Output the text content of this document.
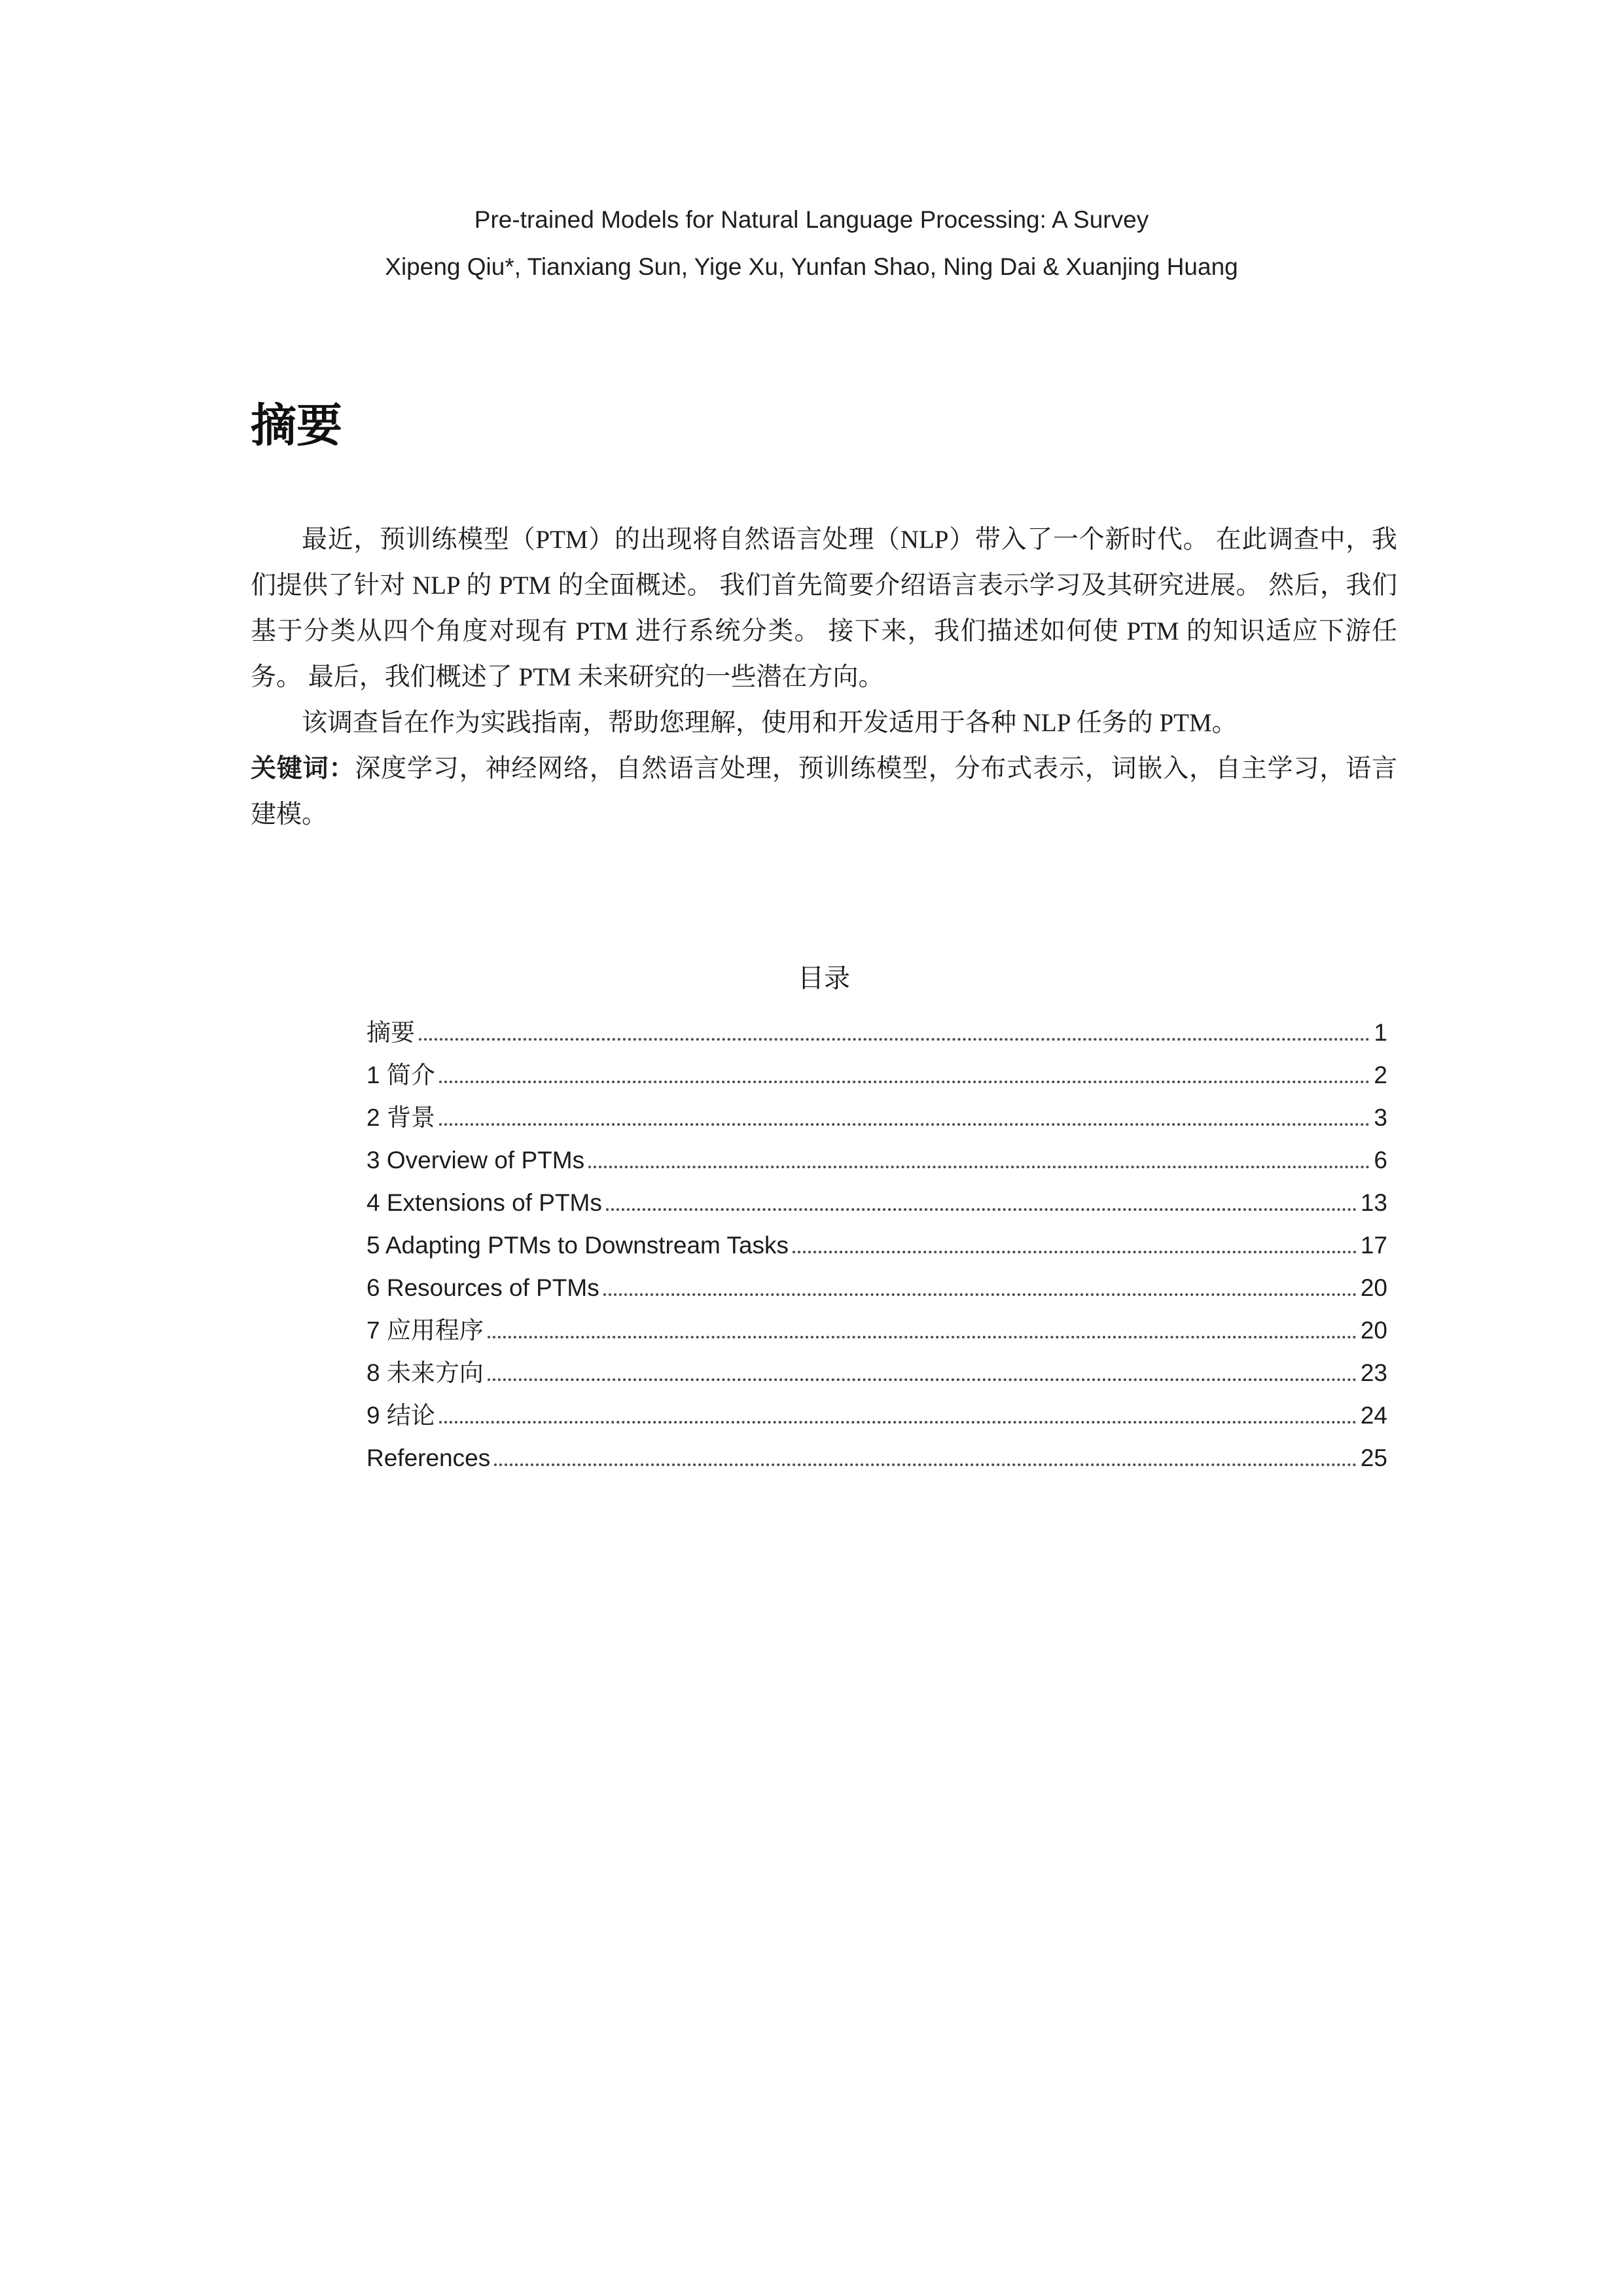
Pre-trained Models for Natural Language Processing: A Survey
Xipeng Qiu*, Tianxiang Sun, Yige Xu, Yunfan Shao, Ning Dai & Xuanjing Huang
摘要

最近，预训练模型（PTM）的出现将自然语言处理（NLP）带入了一个新时代。 在此调查中，我们提供了针对 NLP 的 PTM 的全面概述。 我们首先简要介绍语言表示学习及其研究进展。 然后，我们基于分类从四个角度对现有 PTM 进行系统分类。 接下来，我们描述如何使 PTM 的知识适应下游任务。 最后，我们概述了 PTM 未来研究的一些潜在方向。

该调查旨在作为实践指南，帮助您理解，使用和开发适用于各种 NLP 任务的 PTM。

关键词：深度学习，神经网络，自然语言处理，预训练模型，分布式表示，词嵌入，自主学习，语言建模。

目录
摘要	1
1 简介	2
2 背景	3
3 Overview of PTMs	6
4 Extensions of PTMs	13
5 Adapting PTMs to Downstream Tasks	17
6 Resources of PTMs	20
7 应用程序	20
8 未来方向	23
9 结论	24
References	25
